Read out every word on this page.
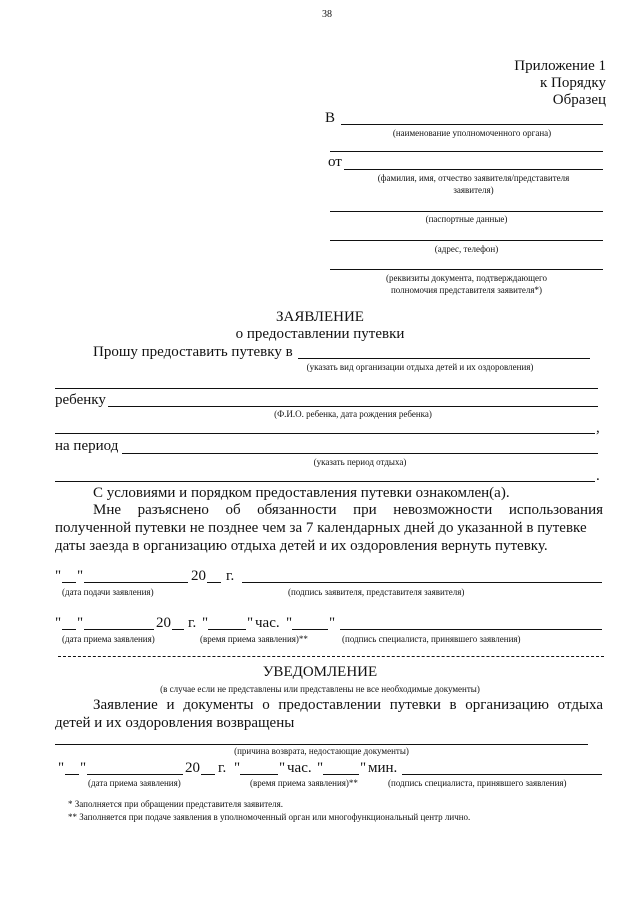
38
Приложение 1
к Порядку
Образец
В
(наименование уполномоченного органа)
от
(фамилия, имя, отчество заявителя/представителя
заявителя)
(паспортные данные)
(адрес, телефон)
(реквизиты документа, подтверждающего
полномочия представителя заявителя*)
ЗАЯВЛЕНИЕ
о предоставлении путевки
Прошу предоставить путевку в
(указать вид организации отдыха детей и их оздоровления)
ребенку
(Ф.И.О. ребенка, дата рождения ребенка)
,
на период
(указать период отдыха)
.
С условиями и порядком предоставления путевки ознакомлен(а).
Мне разъяснено об обязанности при невозможности использования
полученной путевки не позднее чем за 7 календарных дней до указанной в путевке
даты заезда в организацию отдыха детей и их оздоровления вернуть путевку.
" "	20 г.
(дата подачи заявления)	(подпись заявителя, представителя заявителя)
" "	20 г. "	" час. " "
(дата приема заявления)	(время приема заявления)**	(подпись специалиста, принявшего заявления)
УВЕДОМЛЕНИЕ
(в случае если не представлены или представлены не все необходимые документы)
Заявление и документы о предоставлении путевки в организацию отдыха
детей и их оздоровления возвращены
(причина возврата, недостающие документы)
" "	20 г. "	" час. " " мин.
(дата приема заявления)	(время приема заявления)**	(подпись специалиста, принявшего заявления)
* Заполняется при обращении представителя заявителя.
** Заполняется при подаче заявления в уполномоченный орган или многофункциональный центр лично.
